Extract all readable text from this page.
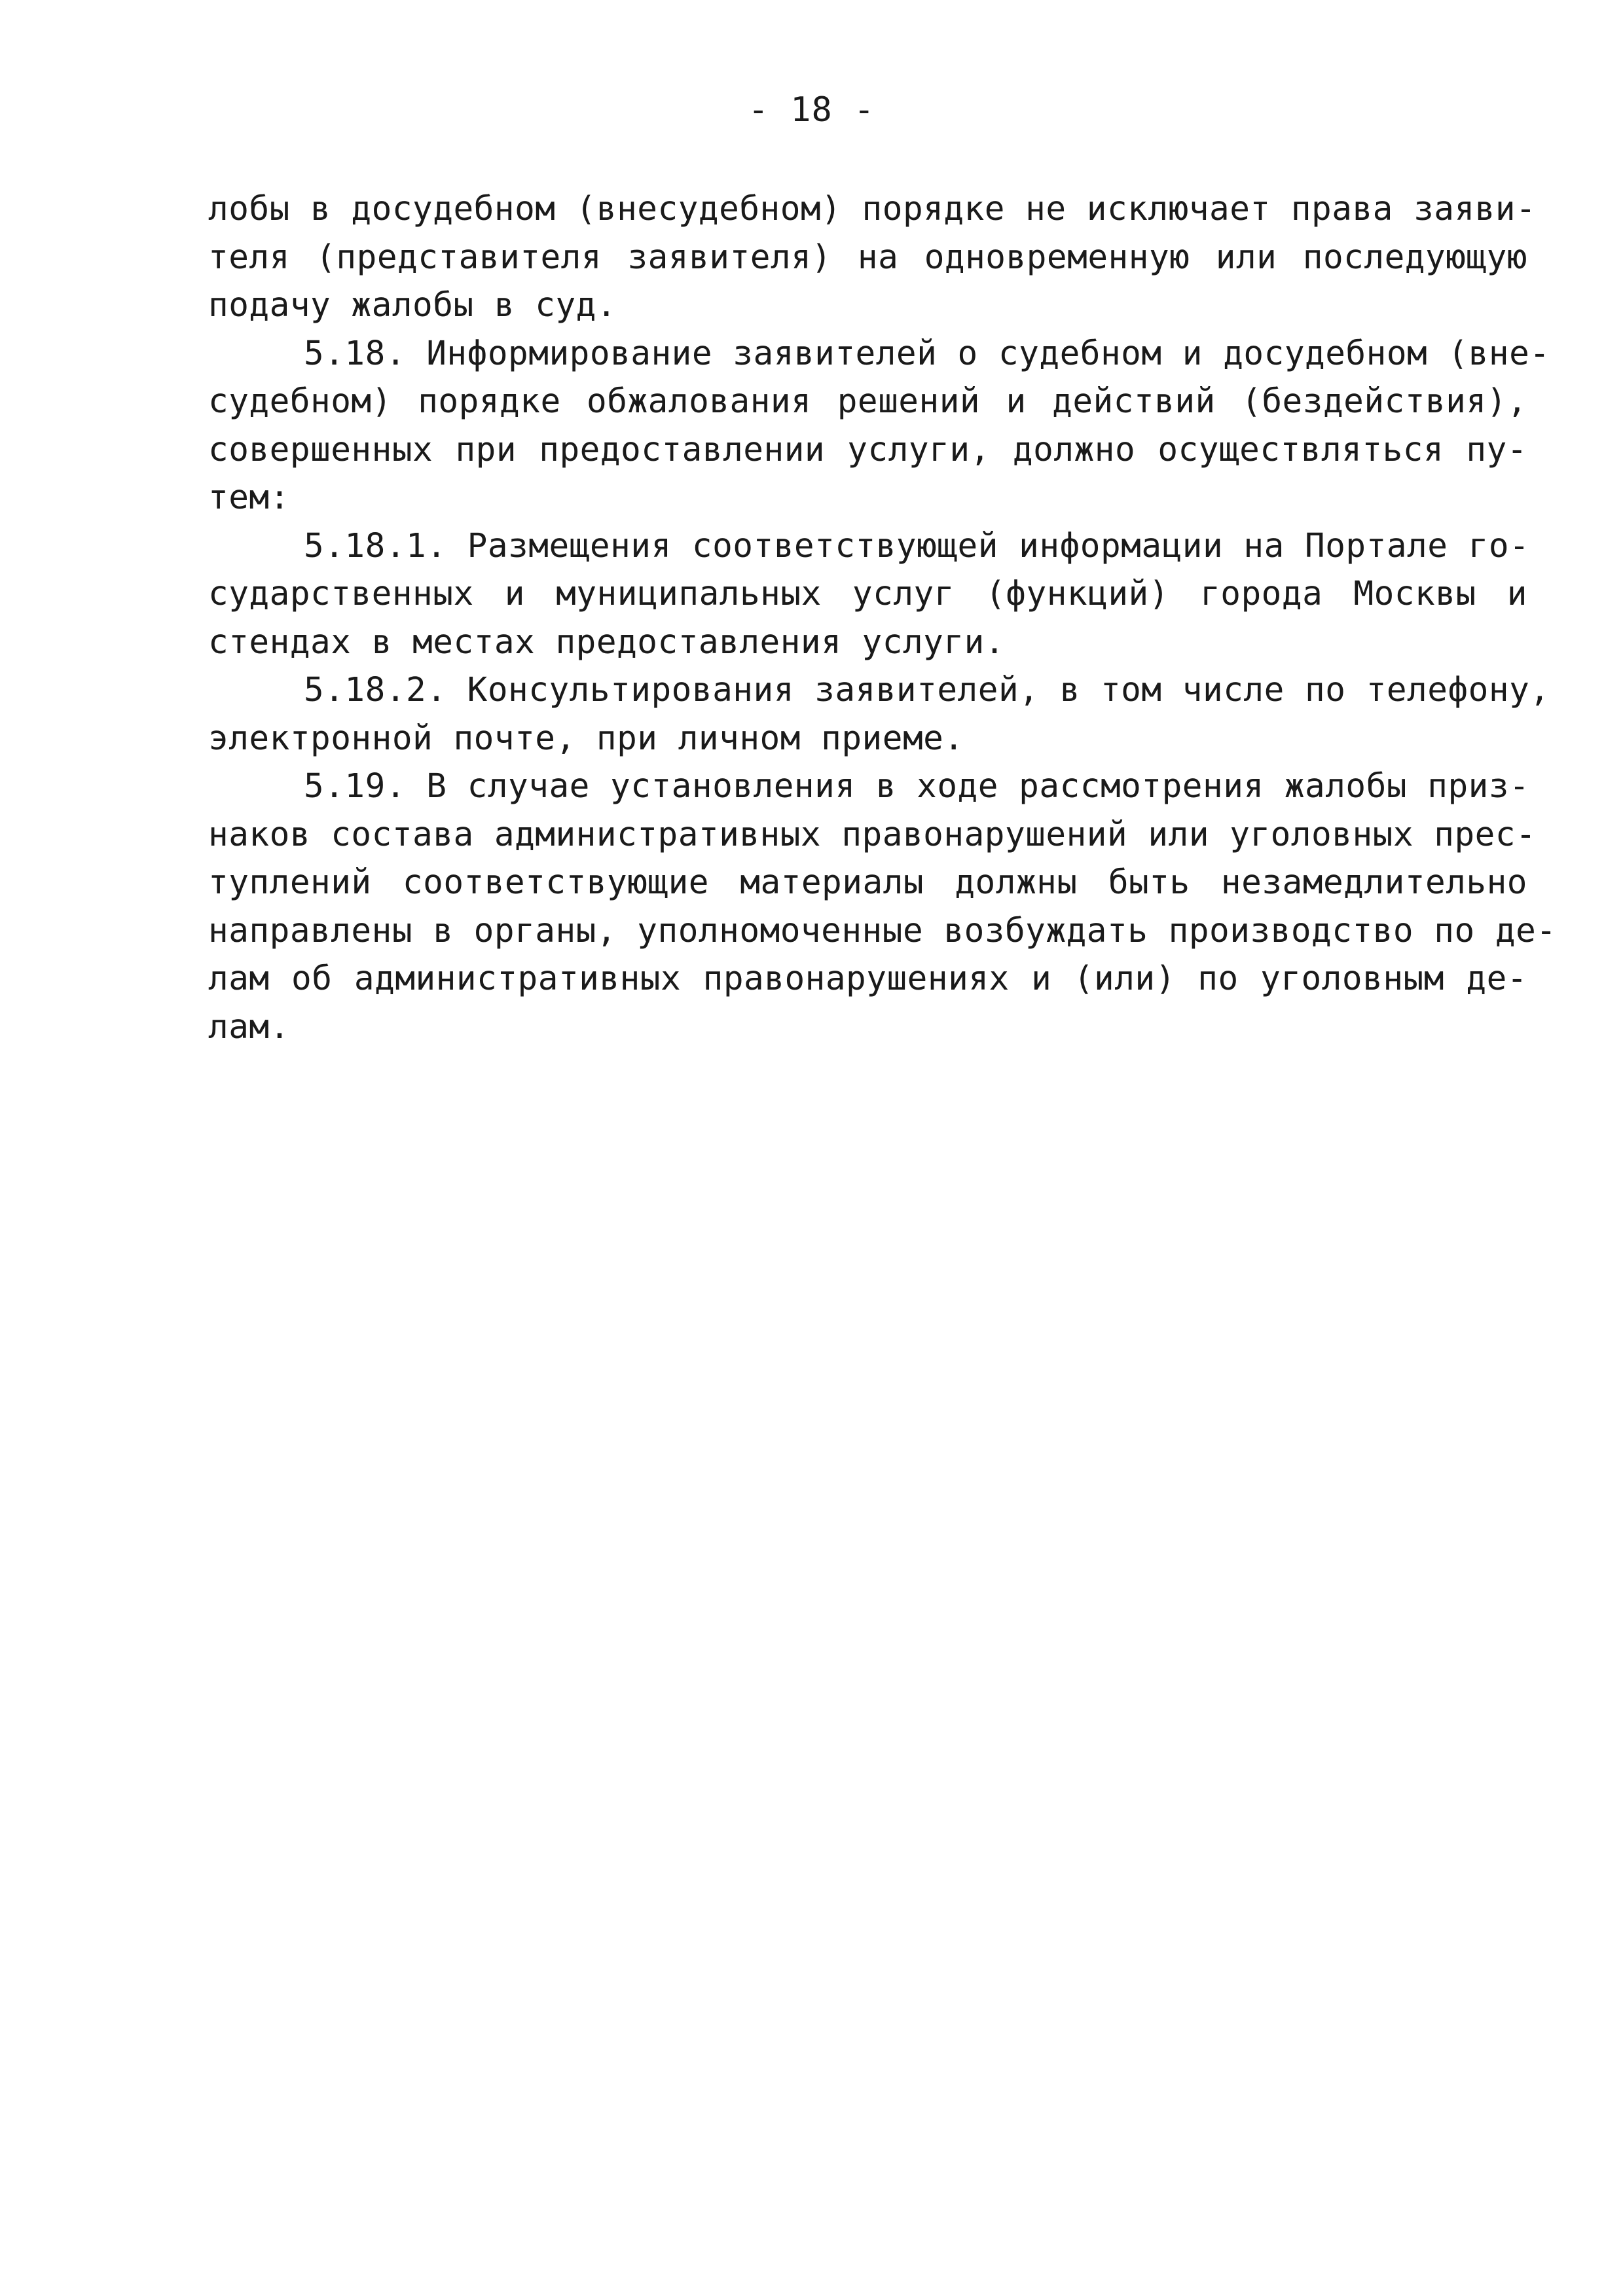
- 18 -
лобы в досудебном (внесудебном) порядке не исключает права заяви-
теля (представителя заявителя) на одновременную или последующую
подачу жалобы в суд.
5.18. Информирование заявителей о судебном и досудебном (вне-
судебном) порядке обжалования решений и действий (бездействия),
совершенных при предоставлении услуги, должно осуществляться пу-
тем:
5.18.1. Размещения соответствующей информации на Портале го-
сударственных и муниципальных услуг (функций) города Москвы и
стендах в местах предоставления услуги.
5.18.2. Консультирования заявителей, в том числе по телефону,
электронной почте, при личном приеме.
5.19. В случае установления в ходе рассмотрения жалобы приз-
наков состава административных правонарушений или уголовных прес-
туплений соответствующие материалы должны быть незамедлительно
направлены в органы, уполномоченные возбуждать производство по де-
лам об административных правонарушениях и (или) по уголовным де-
лам.
